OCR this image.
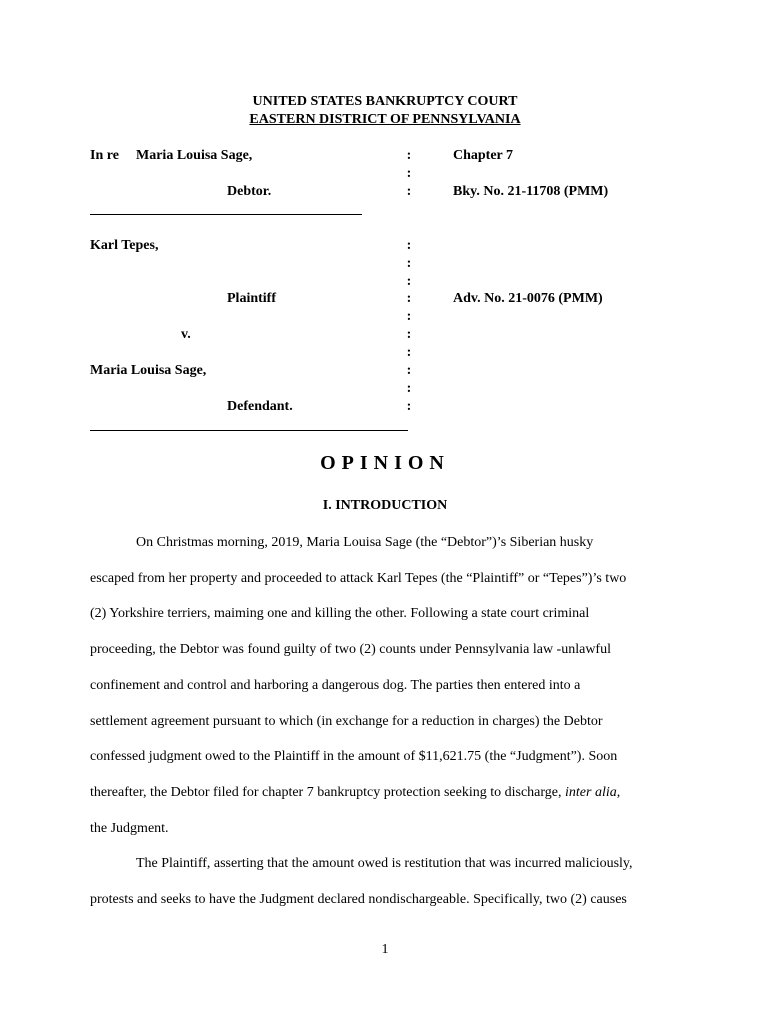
UNITED STATES BANKRUPTCY COURT
EASTERN DISTRICT OF PENNSYLVANIA
In re Maria Louisa Sage,
Debtor.
Chapter 7
Bky. No. 21-11708 (PMM)
:
:
:
Karl Tepes,
Plaintiff
v.
Maria Louisa Sage,
Defendant.
Adv. No. 21-0076 (PMM)
:
:
:
:
:
:
:
:
:
:
OPINION
I. INTRODUCTION
On Christmas morning, 2019, Maria Louisa Sage (the “Debtor”)’s Siberian husky
escaped from her property and proceeded to attack Karl Tepes (the “Plaintiff” or “Tepes”)’s two
(2) Yorkshire terriers, maiming one and killing the other. Following a state court criminal
proceeding, the Debtor was found guilty of two (2) counts under Pennsylvania law -unlawful
confinement and control and harboring a dangerous dog. The parties then entered into a
settlement agreement pursuant to which (in exchange for a reduction in charges) the Debtor
confessed judgment owed to the Plaintiff in the amount of $11,621.75 (the “Judgment”). Soon
thereafter, the Debtor filed for chapter 7 bankruptcy protection seeking to discharge, inter alia,
the Judgment.
The Plaintiff, asserting that the amount owed is restitution that was incurred maliciously,
protests and seeks to have the Judgment declared nondischargeable. Specifically, two (2) causes
1
